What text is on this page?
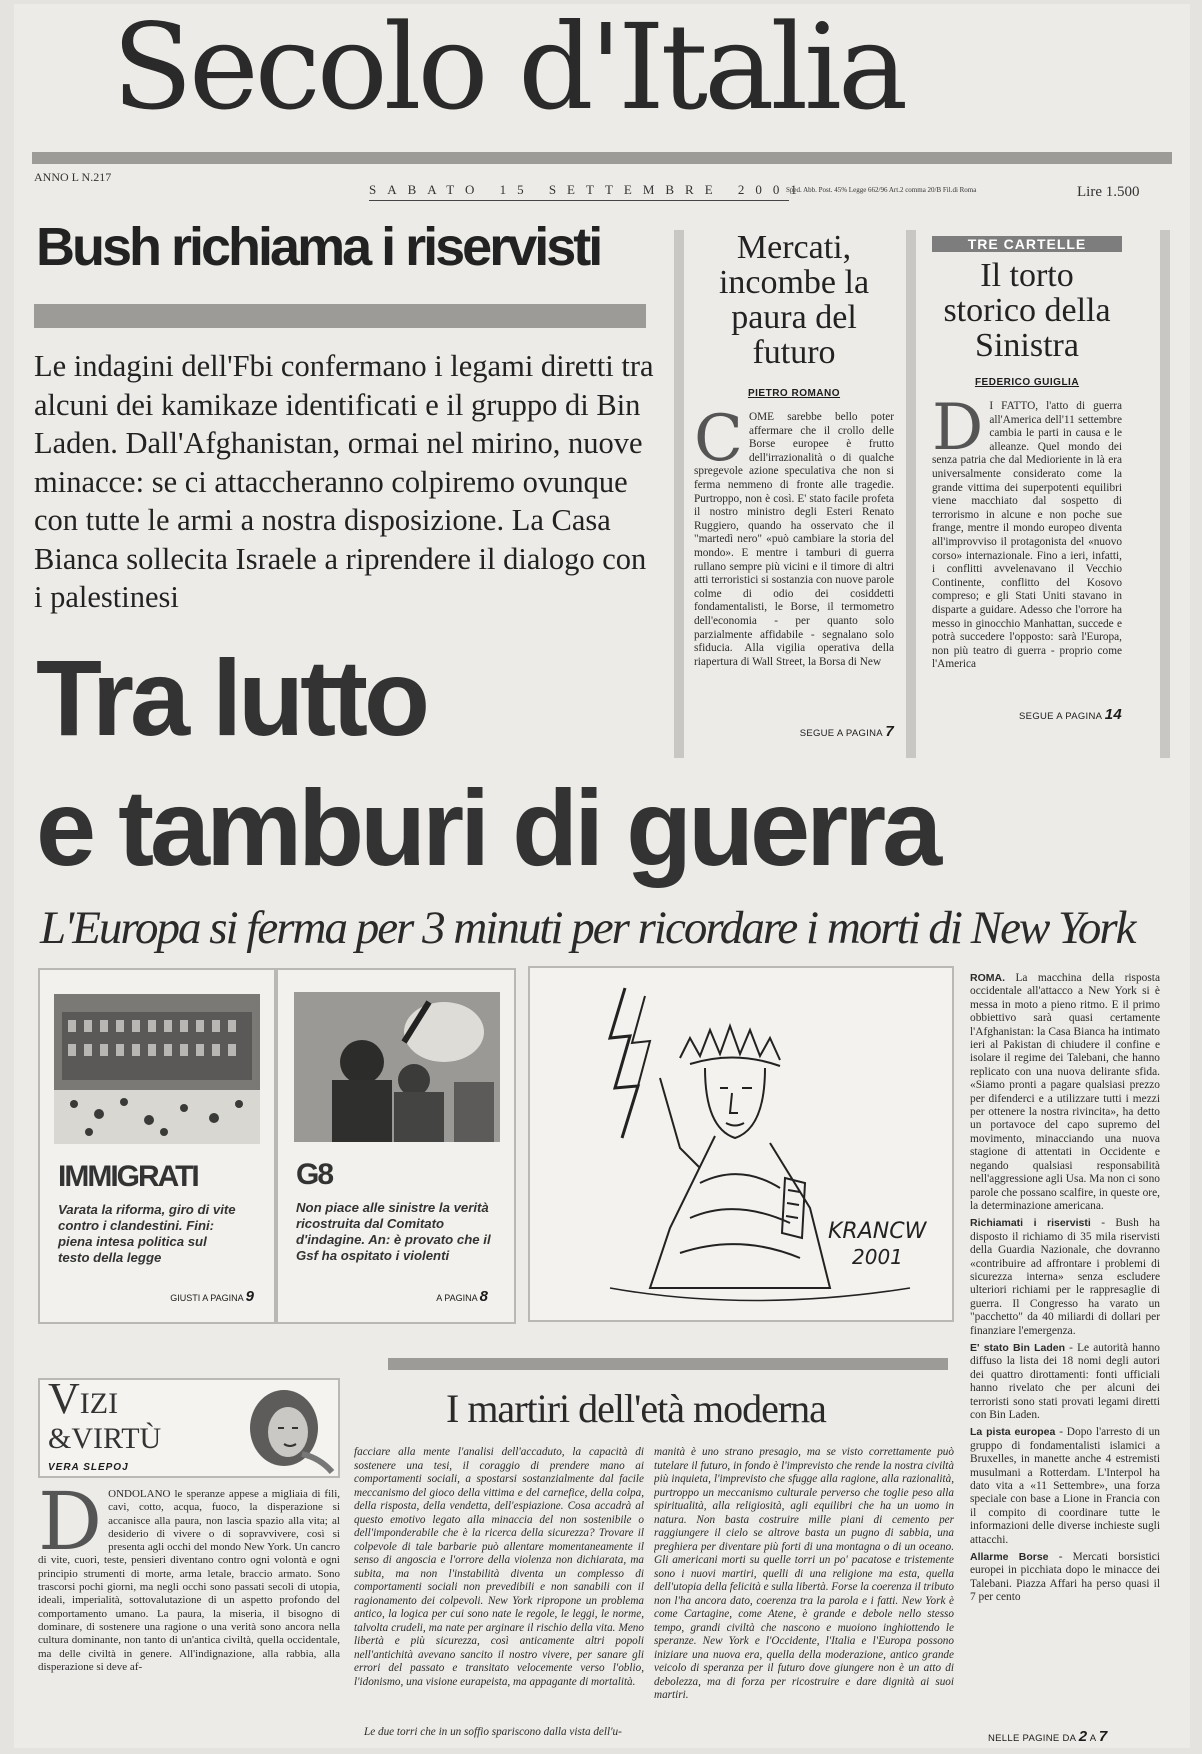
Secolo d'Italia
ANNO L N.217
SABATO 15 SETTEMBRE 2001
Sped. Abb. Post. 45% Legge 662/96 Art.2 comma 20/B Fil.di Roma	Lire 1.500
Bush richiama i riservisti
Le indagini dell'Fbi confermano i legami diretti tra alcuni dei kamikaze identificati e il gruppo di Bin Laden. Dall'Afghanistan, ormai nel mirino, nuove minacce: se ci attaccheranno colpiremo ovunque con tutte le armi a nostra disposizione. La Casa Bianca sollecita Israele a riprendere il dialogo con i palestinesi
Tra lutto
e tamburi di guerra
L'Europa si ferma per 3 minuti per ricordare i morti di New York
Mercati, incombe la paura del futuro
PIETRO ROMANO
COME sarebbe bello poter affermare che il crollo delle Borse europee è frutto dell'irrazionalità o di qualche spregevole azione speculativa che non si ferma nemmeno di fronte alle tragedie. Purtroppo, non è così. E' stato facile profeta il nostro ministro degli Esteri Renato Ruggiero, quando ha osservato che il "martedì nero" «può cambiare la storia del mondo». E mentre i tamburi di guerra rullano sempre più vicini e il timore di altri atti terroristici si sostanzia con nuove parole colme di odio dei cosiddetti fondamentalisti, le Borse, il termometro dell'economia - per quanto solo parzialmente affidabile - segnalano solo sfiducia. Alla vigilia operativa della riapertura di Wall Street, la Borsa di New
SEGUE A PAGINA 7
TRE CARTELLE
Il torto storico della Sinistra
FEDERICO GUIGLIA
D I FATTO, l'atto di guerra all'America dell'11 settembre cambia le parti in causa e le alleanze. Quel mondo dei senza patria che dal Medioriente in là era universalmente considerato come la grande vittima dei superpotenti equilibri viene macchiato dal sospetto di terrorismo in alcune e non poche sue frange, mentre il mondo europeo diventa all'improvviso il protagonista del «nuovo corso» internazionale. Fino a ieri, infatti, i conflitti avvelenavano il Vecchio Continente, conflitto del Kosovo compreso; e gli Stati Uniti stavano in disparte a guidare. Adesso che l'orrore ha messo in ginocchio Manhattan, succede e potrà succedere l'opposto: sarà l'Europa, non più teatro di guerra - proprio come l'America
SEGUE A PAGINA 14
IMMIGRATI
Varata la riforma, giro di vite contro i clandestini. Fini: piena intesa politica sul testo della legge
GIUSTI A PAGINA 9
G8
Non piace alle sinistre la verità ricostruita dal Comitato d'indagine. An: è provato che il Gsf ha ospitato i violenti
A PAGINA 8
KRANCW
2001

ROMA. La macchina della risposta occidentale all'attacco a New York si è messa in moto a pieno ritmo. E il primo obbiettivo sarà quasi certamente l'Afghanistan: la Casa Bianca ha intimato ieri al Pakistan di chiudere il confine e isolare il regime dei Talebani, che hanno replicato con una nuova delirante sfida. «Siamo pronti a pagare qualsiasi prezzo per difenderci e a utilizzare tutti i mezzi per ottenere la nostra rivincita», ha detto un portavoce del capo supremo del movimento, minacciando una nuova stagione di attentati in Occidente e negando qualsiasi responsabilità nell'aggressione agli Usa. Ma non ci sono parole che possano scalfire, in queste ore, la determinazione americana.

Richiamati i riservisti - Bush ha disposto il richiamo di 35 mila riservisti della Guardia Nazionale, che dovranno «contribuire ad affrontare i problemi di sicurezza interna» senza escludere ulteriori richiami per le rappresaglie di guerra. Il Congresso ha varato un "pacchetto" da 40 miliardi di dollari per finanziare l'emergenza.

E' stato Bin Laden - Le autorità hanno diffuso la lista dei 18 nomi degli autori dei quattro dirottamenti: fonti ufficiali hanno rivelato che per alcuni dei terroristi sono stati provati legami diretti con Bin Laden.

La pista europea - Dopo l'arresto di un gruppo di fondamentalisti islamici a Bruxelles, in manette anche 4 estremisti musulmani a Rotterdam. L'Interpol ha dato vita a «11 Settembre», una forza speciale con base a Lione in Francia con il compito di coordinare tutte le informazioni delle diverse inchieste sugli attacchi.

Allarme Borse - Mercati borsistici europei in picchiata dopo le minacce dei Talebani. Piazza Affari ha perso quasi il 7 per cento

NELLE PAGINE DA 2 A 7
VIZI
&VIRTÙ
VERA SLEPOJ
DONDOLANO le speranze appese a migliaia di fili, cavi, cotto, acqua, fuoco, la disperazione si accanisce alla paura, non lascia spazio alla vita; al desiderio di vivere o di sopravvivere, così si presenta agli occhi del mondo New York. Un cancro di vite, cuori, teste, pensieri diventano contro ogni volontà e ogni principio strumenti di morte, arma letale, braccio armato. Sono trascorsi pochi giorni, ma negli occhi sono passati secoli di utopia, ideali, imperialità, sottovalutazione di un aspetto profondo del comportamento umano. La paura, la miseria, il bisogno di dominare, di sostenere una ragione o una verità sono ancora nella cultura dominante, non tanto di un'antica civiltà, quella occidentale, ma delle civiltà in genere. All'indignazione, alla rabbia, alla disperazione si deve af-
I martiri dell'età moderna
facciare alla mente l'analisi dell'accaduto, la capacità di sostenere una tesi, il coraggio di prendere mano ai comportamenti sociali, a spostarsi sostanzialmente dal facile meccanismo del gioco della vittima e del carnefice, della colpa, della risposta, della vendetta, dell'espiazione. Cosa accadrà al questo emotivo legato alla minaccia del non sostenibile o dell'imponderabile che è la ricerca della sicurezza? Trovare il colpevole di tale barbarie può allentare momentaneamente il senso di angoscia e l'orrore della violenza non dichiarata, ma subita, ma non l'instabilità diventa un complesso di comportamenti sociali non prevedibili e non sanabili con il ragionamento dei colpevoli. New York ripropone un problema antico, la logica per cui sono nate le regole, le leggi, le norme, talvolta crudeli, ma nate per arginare il rischio della vita. Meno libertà e più sicurezza, così anticamente altri popoli nell'antichità avevano sancito il nostro vivere, per sanare gli errori del passato e transitato velocemente verso l'oblio, l'idonismo, una visione eurapeista, ma appagante di mortalità.
Le due torri che in un soffio spariscono dalla vista dell'u-
manità è uno strano presagio, ma se visto correttamente può tutelare il futuro, in fondo è l'imprevisto che rende la nostra civiltà più inquieta, l'imprevisto che sfugge alla ragione, alla razionalità, purtroppo un meccanismo culturale perverso che toglie peso alla spiritualità, alla religiosità, agli equilibri che ha un uomo in natura. Non basta costruire mille piani di cemento per raggiungere il cielo se altrove basta un pugno di sabbia, una preghiera per diventare più forti di una montagna o di un oceano. Gli americani morti su quelle torri un po' pacatose e tristemente sono i nuovi martiri, quelli di una religione ma esta, quella dell'utopia della felicità e sulla libertà. Forse la coerenza il tributo non l'ha ancora dato, coerenza tra la parola e i fatti. New York è come Cartagine, come Atene, è grande e debole nello stesso tempo, grandi civiltà che nascono e muoiono inghiottendo le speranze. New York e l'Occidente, l'Italia e l'Europa possono iniziare una nuova era, quella della moderazione, antico grande veicolo di speranza per il futuro dove giungere non è un atto di debolezza, ma di forza per ricostruire e dare dignità ai suoi martiri.
